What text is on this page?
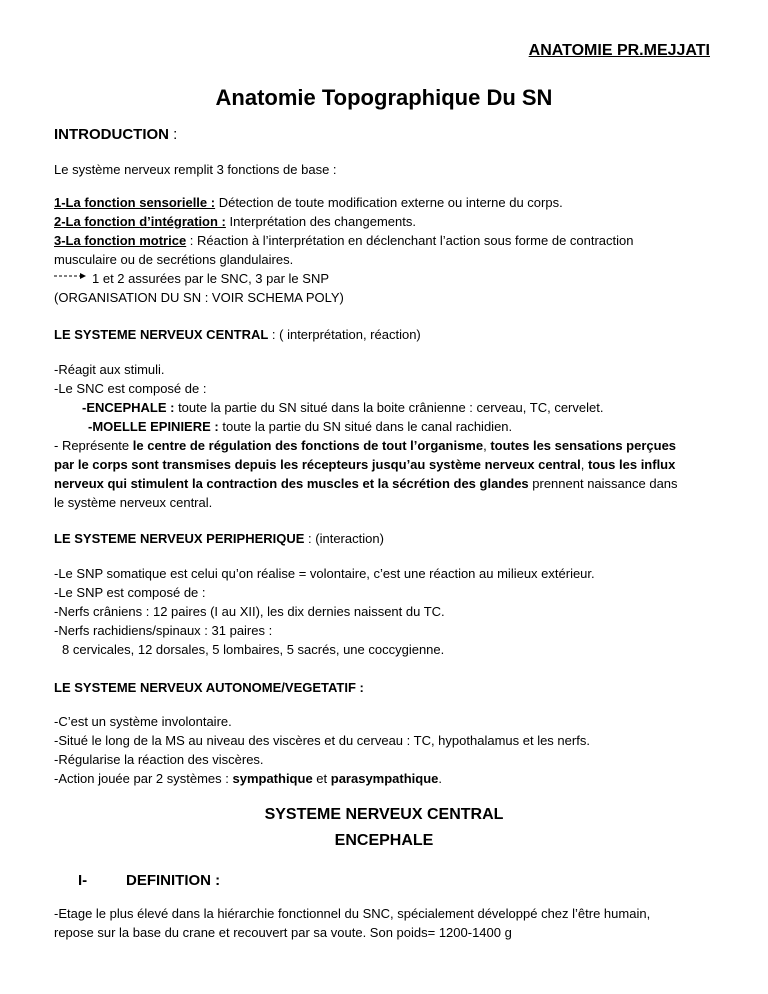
ANATOMIE PR.MEJJATI
Anatomie Topographique Du SN
INTRODUCTION :
Le système nerveux remplit 3 fonctions de base :
1-La fonction sensorielle : Détection de toute modification externe ou interne du corps.
2-La fonction d’intégration : Interprétation des changements.
3-La fonction motrice : Réaction à l’interprétation en déclenchant l’action sous forme de contraction
musculaire ou de secrétions glandulaires.
1 et 2 assurées par le SNC, 3 par le SNP
(ORGANISATION DU SN : VOIR SCHEMA POLY)
LE SYSTEME NERVEUX CENTRAL : ( interprétation, réaction)
-Réagit aux stimuli.
-Le SNC est composé de :
-ENCEPHALE : toute la partie du SN situé dans la boite crânienne : cerveau, TC, cervelet.
-MOELLE EPINIERE : toute la partie du SN situé dans le canal rachidien.
- Représente le centre de régulation des fonctions de tout l’organisme, toutes les sensations perçues
par le corps sont transmises depuis les récepteurs jusqu’au système nerveux central, tous les influx
nerveux qui stimulent la contraction des muscles et la sécrétion des glandes prennent naissance dans
le système nerveux central.
LE SYSTEME NERVEUX PERIPHERIQUE : (interaction)
-Le SNP somatique est celui qu’on réalise = volontaire, c’est une réaction au milieux extérieur.
-Le SNP est composé de :
-Nerfs crâniens : 12 paires (I au XII), les dix dernies naissent du TC.
-Nerfs rachidiens/spinaux : 31 paires :
8 cervicales, 12 dorsales, 5 lombaires, 5 sacrés, une coccygienne.
LE SYSTEME NERVEUX AUTONOME/VEGETATIF :
-C’est un système involontaire.
-Situé le long de la MS au niveau des viscères et du cerveau : TC, hypothalamus et les nerfs.
-Régularise la réaction des viscères.
-Action jouée par 2 systèmes : sympathique et parasympathique.
SYSTEME NERVEUX CENTRAL
ENCEPHALE
I-	DEFINITION :
-Etage le plus élevé dans la hiérarchie fonctionnel du SNC, spécialement développé chez l’être humain,
repose sur la base du crane et recouvert par sa voute. Son poids= 1200-1400 g
